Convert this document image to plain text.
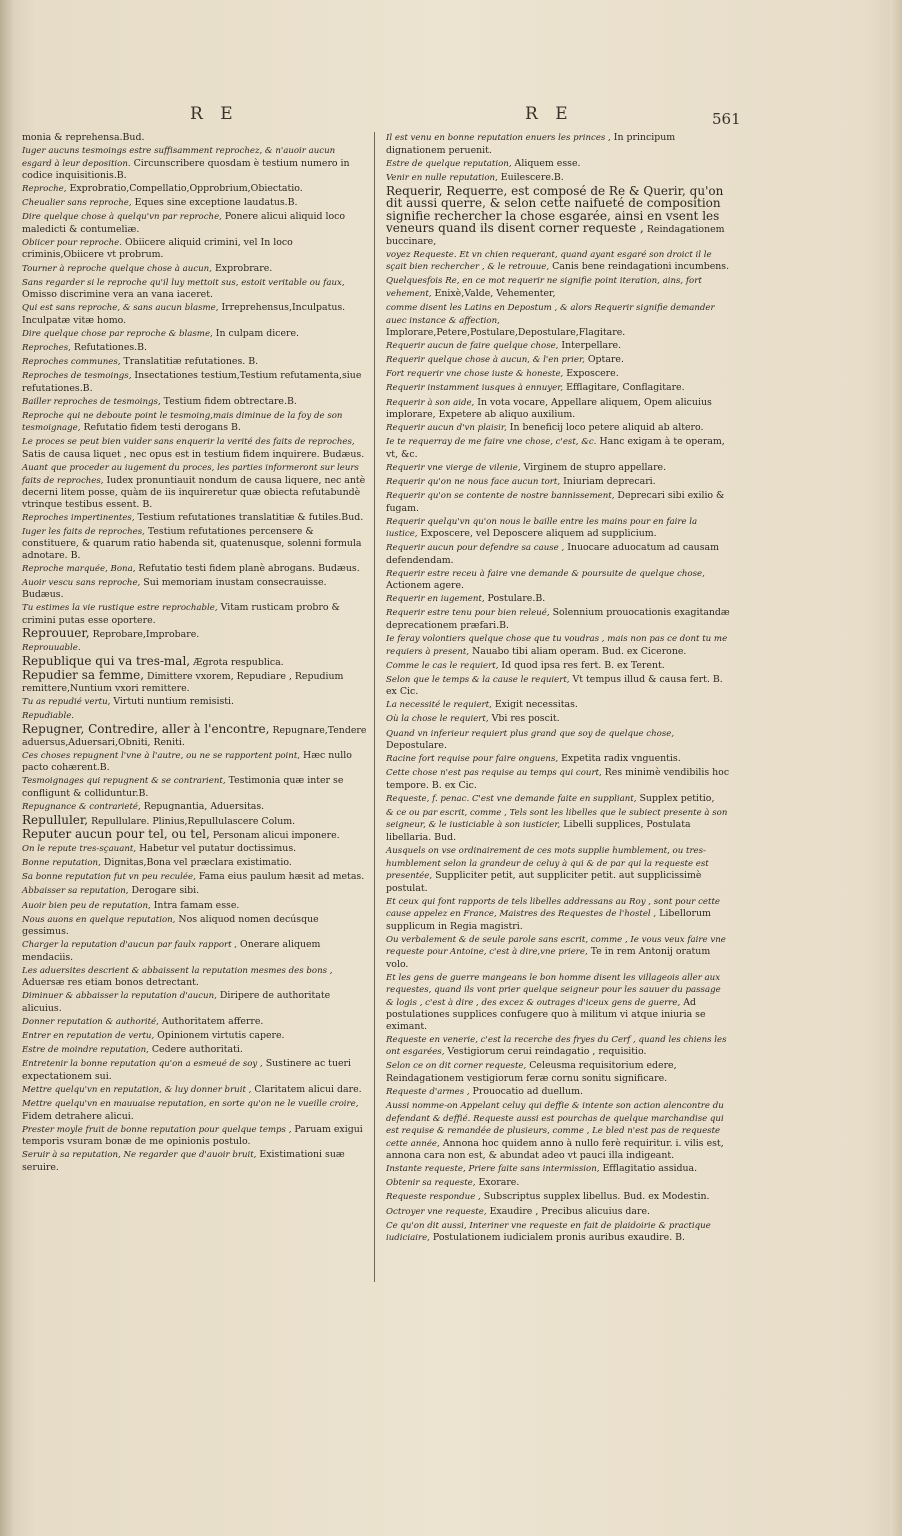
R E	R E	561
monia & reprehensa.Bud.
Iuger aucuns tesmoings estre suffisamment reprochez, & n'auoir aucun esgard à leur deposition. Circunscribere quosdam è testium numero in codice inquisitionis.B.
Reproche, Exprobratio,Compellatio,Opprobrium,Obiectatio.
Cheualier sans reproche, Eques sine exceptione laudatus.B.
Dire quelque chose à quelqu'vn par reproche, Ponere alicui aliquid loco maledicti & contumeliæ.
Obiicer pour reproche. Obiicere aliquid crimini, vel In loco criminis,Obiicere vt probrum.
Tourner à reproche quelque chose à aucun, Exprobrare.
Sans regarder si le reproche qu'il luy mettoit sus, estoit veritable ou faux, Omisso discrimine vera an vana iaceret.
Qui est sans reproche, & sans aucun blasme, Irreprehensus,Inculpatus. Inculpatæ vitæ homo.
Dire quelque chose par reproche & blasme, In culpam dicere.
Reproches, Refutationes.B.
Reproches communes, Translatitiæ refutationes. B.
Reproches de tesmoings, Insectationes testium,Testium refutamenta,siue refutationes.B.
Bailler reproches de tesmoings, Testium fidem obtrectare.B.
Reproche qui ne deboute point le tesmoing,mais diminue de la foy de son tesmoignage, Refutatio fidem testi derogans B.
Le proces se peut bien vuider sans enquerir la verité des faits de reproches, Satis de causa liquet , nec opus est in testium fidem inquirere. Budæus.
Auant que proceder au iugement du proces, les parties informeront sur leurs faits de reproches, Iudex pronuntiauit nondum de causa liquere, nec antè decerni litem posse, quàm de iis inquireretur quæ obiecta refutabundè vtrinque testibus essent. B.
Reproches impertinentes, Testium refutationes translatitiæ & futiles.Bud.
Iuger les faits de reproches, Testium refutationes percensere & constituere, & quarum ratio habenda sit, quatenusque, solenni formula adnotare. B.
Reproche marquée, Bona, Refutatio testi fidem planè abrogans. Budæus.
Auoir vescu sans reproche, Sui memoriam inustam consecrauisse. Budæus.
Tu estimes la vie rustique estre reprochable, Vitam rusticam probro & crimini putas esse oportere.
Reprouuer, Reprobare,Improbare.
Reprouuable.
Republique qui va tres-mal, Ægrota respublica.
Repudier sa femme, Dimittere vxorem, Repudiare , Repudium remittere,Nuntium vxori remittere.
Tu as repudié vertu, Virtuti nuntium remisisti.
Repudiable.
Repugner, Contredire, aller à l'encontre, Repugnare,Tendere aduersus,Aduersari,Obniti, Reniti.
Ces choses repugnent l'vne à l'autre, ou ne se rapportent point, Hæc nullo pacto cohærent.B.
Tesmoignages qui repugnent & se contrarient, Testimonia quæ inter se confligunt & colliduntur.B.
Repugnance & contrarieté, Repugnantia, Aduersitas.
Repulluler, Repullulare. Plinius,Repullulascere Colum.
Reputer aucun pour tel, ou tel, Personam alicui imponere.
On le repute tres-sçauant, Habetur vel putatur doctissimus.
Bonne reputation, Dignitas,Bona vel præclara existimatio.
Sa bonne reputation fut vn peu reculée, Fama eius paulum hæsit ad metas.
Abbaisser sa reputation, Derogare sibi.
Auoir bien peu de reputation, Intra famam esse.
Nous auons en quelque reputation, Nos aliquod nomen decúsque gessimus.
Charger la reputation d'aucun par faulx rapport , Onerare aliquem mendaciis.
Les aduersites descrient & abbaissent la reputation mesmes des bons , Aduersæ res etiam bonos detrectant.
Diminuer & abbaisser la reputation d'aucun, Diripere de authoritate alicuius.
Donner reputation & authorité, Authoritatem afferre.
Entrer en reputation de vertu, Opinionem virtutis capere.
Estre de moindre reputation, Cedere authoritati.
Entretenir la bonne reputation qu'on a esmeué de soy , Sustinere ac tueri expectationem sui.
Mettre quelqu'vn en reputation, & luy donner bruit , Claritatem alicui dare.
Mettre quelqu'vn en mauuaise reputation, en sorte qu'on ne le vueille croire, Fidem detrahere alicui.
Prester moyle fruit de bonne reputation pour quelque temps , Paruam exigui temporis vsuram bonæ de me opinionis postulo.
Seruir à sa reputation, Ne regarder que d'auoir bruit, Existimationi suæ seruire.
Il est venu en bonne reputation enuers les princes , In principum dignationem peruenit.
Estre de quelque reputation, Aliquem esse.
Venir en nulle reputation, Euilescere.B.
Requerir, Requerre, est composé de Re & Querir, qu'on dit aussi querre, & selon cette naifueté de composition signifie rechercher la chose esgarée, ainsi en vsent les veneurs quand ils disent corner requeste , Reindagationem buccinare,
voyez Requeste. Et vn chien requerant, quand ayant esgaré son droict il le sçait bien rechercher , & le retrouue, Canis bene reindagationi incumbens.
Quelquesfois Re, en ce mot requerir ne signifie point iteration, ains, fort vehement, Enixè,Valde, Vehementer,
comme disent les Latins en Depostum , & alors Requerir signifie demander auec instance & affection, Implorare,Petere,Postulare,Depostulare,Flagitare.
Requerir aucun de faire quelque chose, Interpellare.
Requerir quelque chose à aucun, & l'en prier, Optare.
Fort requerir vne chose iuste & honeste, Exposcere.
Requerir instamment iusques à ennuyer, Efflagitare, Conflagitare.
Requerir à son aide, In vota vocare, Appellare aliquem, Opem alicuius implorare, Expetere ab aliquo auxilium.
Requerir aucun d'vn plaisir, In beneficij loco petere aliquid ab altero.
Ie te requerray de me faire vne chose, c'est, &c. Hanc exigam à te operam, vt, &c.
Requerir vne vierge de vilenie, Virginem de stupro appellare.
Requerir qu'on ne nous face aucun tort, Iniuriam deprecari.
Requerir qu'on se contente de nostre bannissement, Deprecari sibi exilio & fugam.
Requerir quelqu'vn qu'on nous le baille entre les mains pour en faire la iustice, Exposcere, vel Deposcere aliquem ad supplicium.
Requerir aucun pour defendre sa cause , Inuocare aduocatum ad causam defendendam.
Requerir estre receu à faire vne demande & poursuite de quelque chose, Actionem agere.
Requerir en iugement, Postulare.B.
Requerir estre tenu pour bien releué, Solennium prouocationis exagitandæ deprecationem præfari.B.
Ie feray volontiers quelque chose que tu voudras , mais non pas ce dont tu me requiers à present, Nauabo tibi aliam operam. Bud. ex Cicerone.
Comme le cas le requiert, Id quod ipsa res fert. B. ex Terent.
Selon que le temps & la cause le requiert, Vt tempus illud & causa fert. B. ex Cic.
La necessité le requiert, Exigit necessitas.
Où la chose le requiert, Vbi res poscit.
Quand vn inferieur requiert plus grand que soy de quelque chose, Depostulare.
Racine fort requise pour faire onguens, Expetita radix vnguentis.
Cette chose n'est pas requise au temps qui court, Res minimè vendibilis hoc tempore. B. ex Cic.
Requeste, f. penac. C'est vne demande faite en suppliant, Supplex petitio,
& ce ou par escrit, comme , Tels sont les libelles que le subiect presente à son seigneur, & le iusticiable à son iusticier, Libelli supplices, Postulata libellaria. Bud.
Ausquels on vse ordinairement de ces mots supplie humblement, ou tres-humblement selon la grandeur de celuy à qui & de par qui la requeste est presentée, Suppliciter petit, aut suppliciter petit. aut supplicissimè postulat.
Et ceux qui font rapports de tels libelles addressans au Roy , sont pour cette cause appelez en France, Maistres des Requestes de l'hostel , Libellorum supplicum in Regia magistri.
Ou verbalement & de seule parole sans escrit, comme , Ie vous veux faire vne requeste pour Antoine, c'est à dire,vne priere, Te in rem Antonij oratum volo.
Et les gens de guerre mangeans le bon homme disent les villageois aller aux requestes, quand ils vont prier quelque seigneur pour les sauuer du passage & logis , c'est à dire , des excez & outrages d'iceux gens de guerre, Ad postulationes supplices confugere quo à militum vi atque iniuria se eximant.
Requeste en venerie, c'est la recerche des fryes du Cerf , quand les chiens les ont esgarées, Vestigiorum cerui reindagatio , requisitio.
Selon ce on dit corner requeste, Celeusma requisitorium edere, Reindagationem vestigiorum feræ cornu sonitu significare.
Requeste d'armes , Prouocatio ad duellum.
Aussi nomme-on Appelant celuy qui deffie & intente son action alencontre du defendant & deffié. Requeste aussi est pourchas de quelque marchandise qui est requise & remandée de plusieurs, comme , Le bled n'est pas de requeste cette année, Annona hoc quidem anno à nullo ferè requiritur. i. vilis est, annona cara non est, & abundat adeo vt pauci illa indigeant.
Instante requeste, Priere faite sans intermission, Efflagitatio assidua.
Obtenir sa requeste, Exorare.
Requeste respondue , Subscriptus supplex libellus. Bud. ex Modestin.
Octroyer vne requeste, Exaudire , Precibus alicuius dare.
Ce qu'on dit aussi, Interiner vne requeste en fait de plaidoirie & practique iudiciaire, Postulationem iudicialem pronis auribus exaudire. B.
